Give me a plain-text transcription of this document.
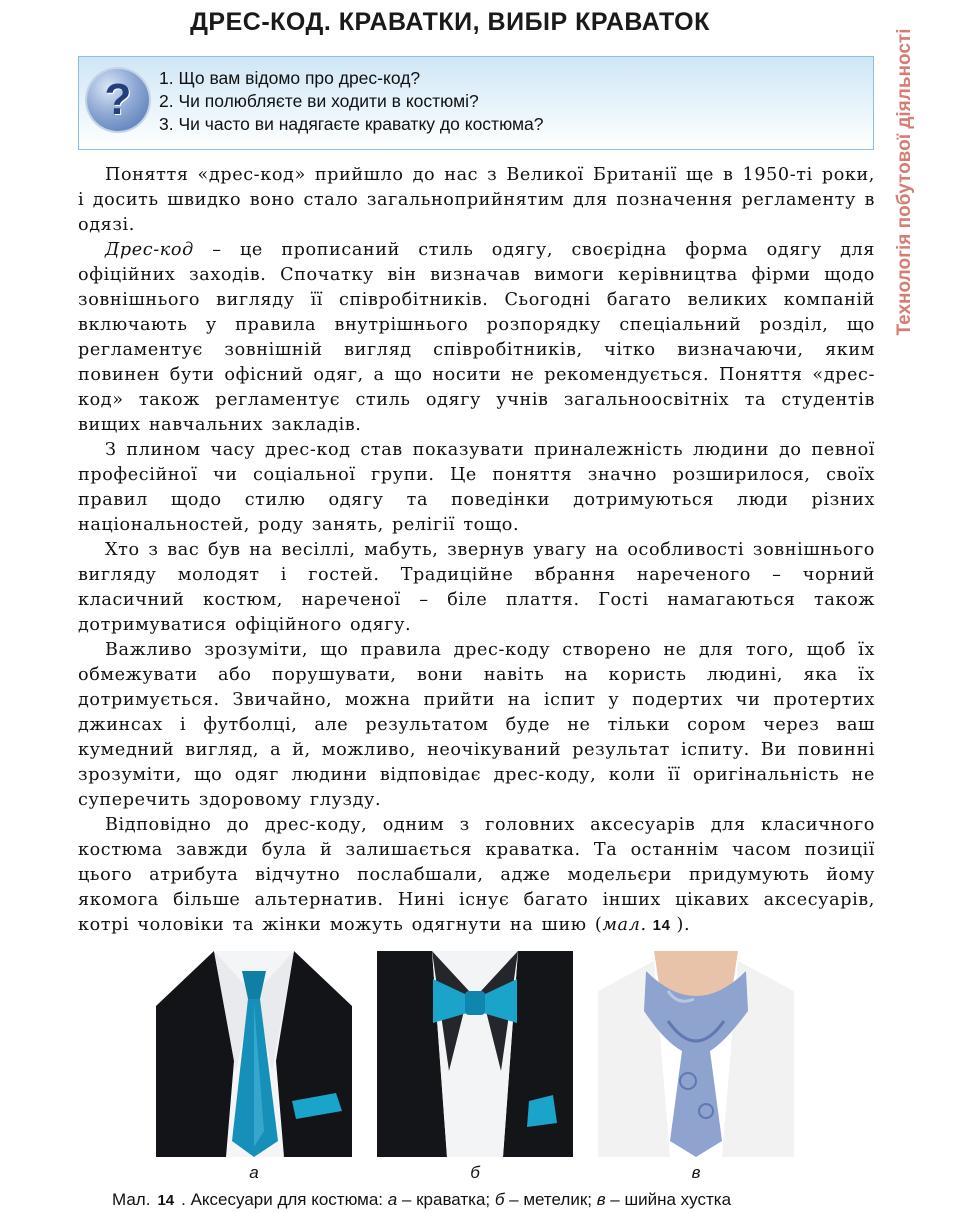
ДРЕС-КОД. КРАВАТКИ, ВИБІР КРАВАТОК
Технологія побутової діяльності
? 1. Що вам відомо про дрес-код?
2. Чи полюбляєте ви ходити в костюмі?
3. Чи часто ви надягаєте краватку до костюма?

Поняття «дрес-код» прийшло до нас з Великої Британії ще в 1950-ті роки, і досить швидко воно стало загальноприйнятим для позначення регламенту в одязі.

Дрес-код – це прописаний стиль одягу, своєрідна форма одягу для офіційних заходів. Спочатку він визначав вимоги керівництва фірми щодо зовнішнього вигляду її співробітників. Сьогодні багато великих компаній включають у правила внутрішнього розпорядку спеціальний розділ, що регламентує зовнішній вигляд співробітників, чітко визначаючи, яким повинен бути офісний одяг, а що носити не рекомендується. Поняття «дрес-код» також регламентує стиль одягу учнів загальноосвітніх та студентів вищих навчальних закладів.

З плином часу дрес-код став показувати приналежність людини до певної професійної чи соціальної групи. Це поняття значно розширилося, своїх правил щодо стилю одягу та поведінки дотримуються люди різних національностей, роду занять, релігії тощо.

Хто з вас був на весіллі, мабуть, звернув увагу на особливості зовнішнього вигляду молодят і гостей. Традиційне вбрання нареченого – чорний класичний костюм, нареченої – біле плаття. Гості намагаються також дотримуватися офіційного одягу.

Важливо зрозуміти, що правила дрес-коду створено не для того, щоб їх обмежувати або порушувати, вони навіть на користь людині, яка їх дотримується. Звичайно, можна прийти на іспит у подертих чи протертих джинсах і футболці, але результатом буде не тільки сором через ваш кумедний вигляд, а й, можливо, неочікуваний результат іспиту. Ви повинні зрозуміти, що одяг людини відповідає дрес-коду, коли її оригінальність не суперечить здоровому глузду.

Відповідно до дрес-коду, одним з головних аксесуарів для класичного костюма завжди була й залишається краватка. Та останнім часом позиції цього атрибута відчутно послабшали, адже модельєри придумують йому якомога більше альтернатив. Нині існує багато інших цікавих аксесуарів, котрі чоловіки та жінки можуть одягнути на шию (мал. 14 ).

а	б	в
Мал. 14 . Аксесуари для костюма: а – краватка; б – метелик; в – шийна хустка
